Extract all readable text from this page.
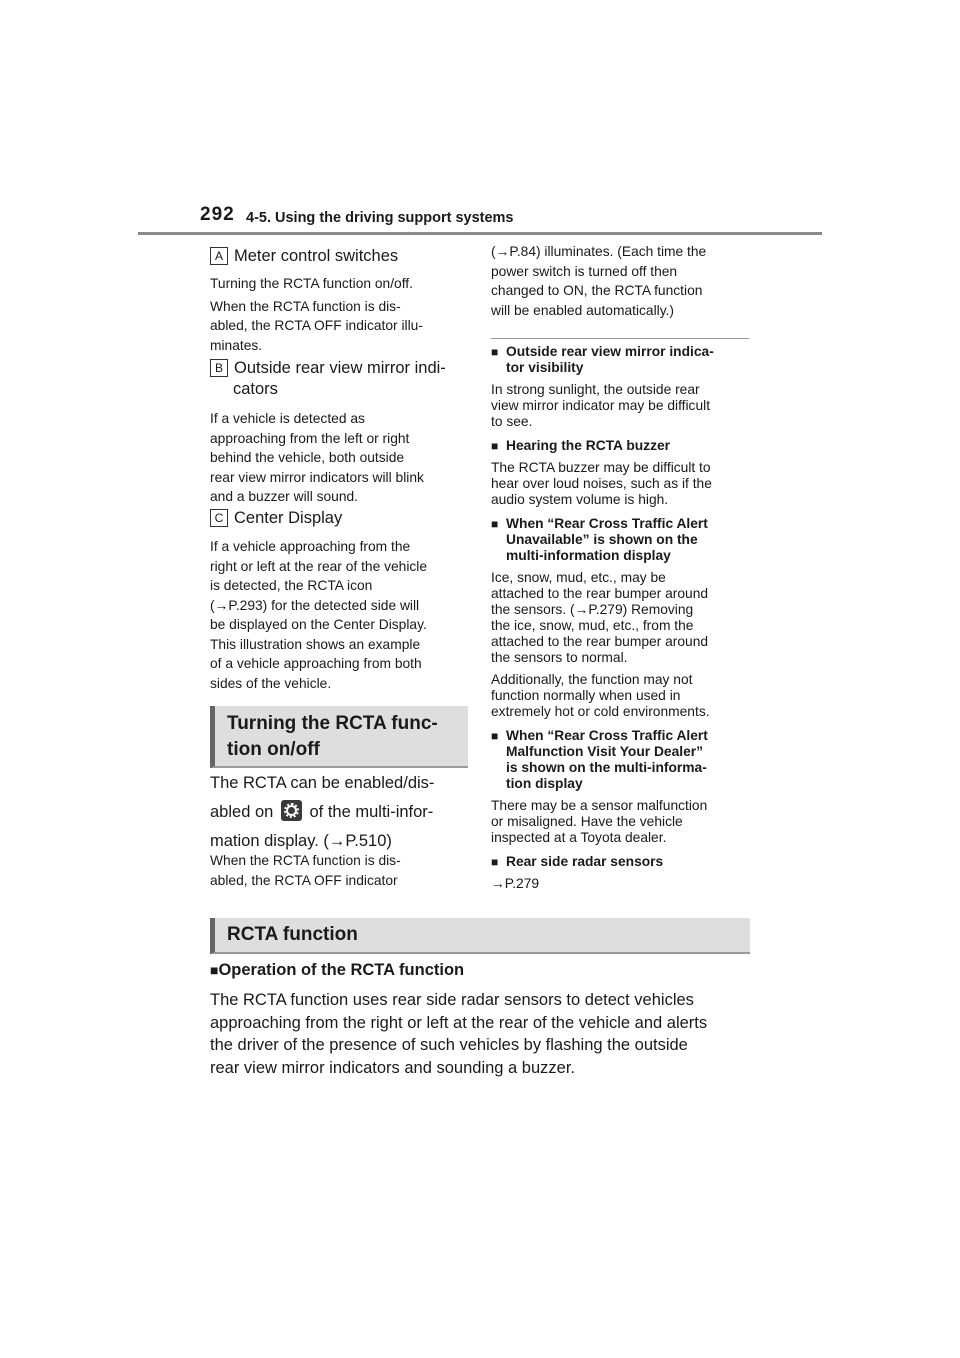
292 4-5. Using the driving support systems
A Meter control switches
Turning the RCTA function on/off.
When the RCTA function is dis-
abled, the RCTA OFF indicator illu-
minates.
B Outside rear view mirror indi-
cators
If a vehicle is detected as
approaching from the left or right
behind the vehicle, both outside
rear view mirror indicators will blink
and a buzzer will sound.
C Center Display
If a vehicle approaching from the
right or left at the rear of the vehicle
is detected, the RCTA icon
(→P.293) for the detected side will
be displayed on the Center Display.
This illustration shows an example
of a vehicle approaching from both
sides of the vehicle.
Turning the RCTA func-
tion on/off
The RCTA can be enabled/dis-
abled on of the multi-infor-
mation display. (→P.510)
When the RCTA function is dis-
abled, the RCTA OFF indicator
(→P.84) illuminates. (Each time the
power switch is turned off then
changed to ON, the RCTA function
will be enabled automatically.)
■ Outside rear view mirror indica-
tor visibility
In strong sunlight, the outside rear
view mirror indicator may be difficult
to see.
■ Hearing the RCTA buzzer
The RCTA buzzer may be difficult to
hear over loud noises, such as if the
audio system volume is high.
■ When “Rear Cross Traffic Alert
Unavailable” is shown on the
multi-information display
Ice, snow, mud, etc., may be
attached to the rear bumper around
the sensors. (→P.279) Removing
the ice, snow, mud, etc., from the
attached to the rear bumper around
the sensors to normal.
Additionally, the function may not
function normally when used in
extremely hot or cold environments.
■ When “Rear Cross Traffic Alert
Malfunction Visit Your Dealer”
is shown on the multi-informa-
tion display
There may be a sensor malfunction
or misaligned. Have the vehicle
inspected at a Toyota dealer.
■ Rear side radar sensors
→P.279
RCTA function
■Operation of the RCTA function
The RCTA function uses rear side radar sensors to detect vehicles
approaching from the right or left at the rear of the vehicle and alerts
the driver of the presence of such vehicles by flashing the outside
rear view mirror indicators and sounding a buzzer.
